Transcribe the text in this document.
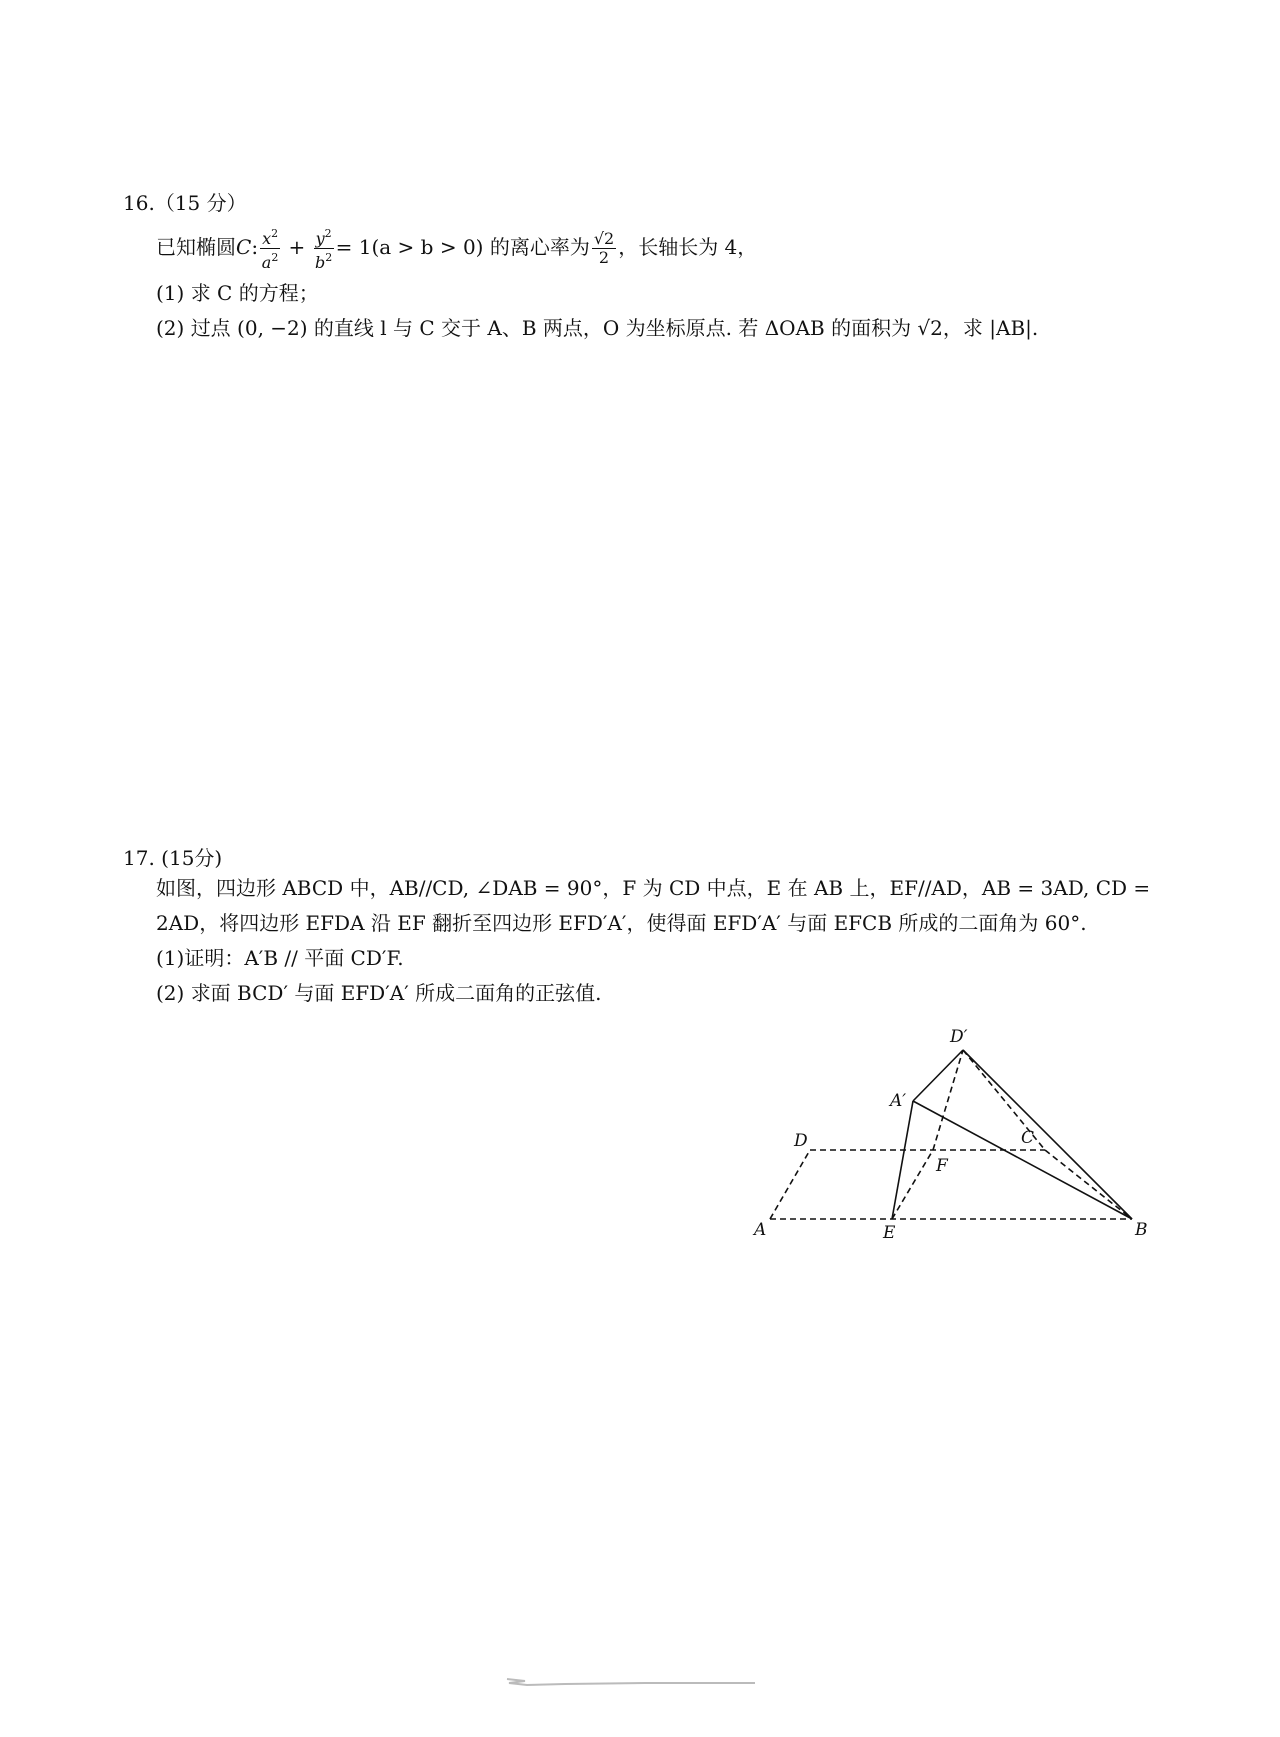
16.（15 分）
已知椭圆C: $\frac{x^2}{a^2} + \frac{y^2}{b^2} = 1(a > b > 0)$ 的离心率为 $\frac{√2}{2}$ ，长轴长为 4，
(1) 求 C 的方程；
(2) 过点 (0, −2) 的直线 l 与 C 交于 A、B 两点，O 为坐标原点. 若 ΔOAB 的面积为 √2，求 |AB|.
17. (15分)
如图，四边形 ABCD 中，AB//CD, ∠DAB = 90°，F 为 CD 中点，E 在 AB 上，EF//AD，AB = 3AD, CD =
2AD，将四边形 EFDA 沿 EF 翻折至四边形 EFD′A′，使得面 EFD′A′ 与面 EFCB 所成的二面角为 60°.
(1)证明：A′B // 平面 CD′F.
(2) 求面 BCD′ 与面 EFD′A′ 所成二面角的正弦值.
D′
A′
D	C
F
A	E	B
